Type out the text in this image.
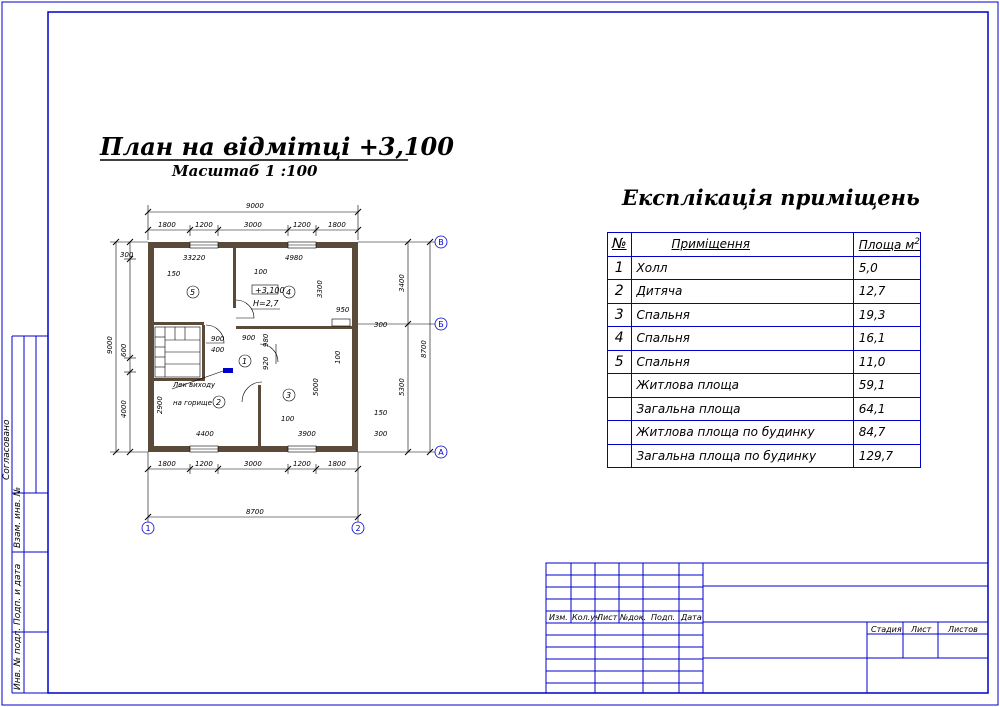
Согласовано
Взам. инв. №
Подп. и дата
Инв. № подл.
Изм. Кол.уч
Лист №док. Подп. Дата
Стадия Лист Листов
9000
1800	1200	3000	1200 1800
1800	1200	3000	1200 1800
8700
9000
300
600
4000
3400
5300
8700
33220	4980
3300
950
150	100
900	900
400
980
920
5000
100
100
2900
4400	3900
150
300
300
1
2
3
4
5	+3,100
H=2,7
Лек виходу
на горище
В
Б
А
1	2
План на відмітці +3,100
Масштаб 1 :100
Експлікація приміщень
№	Приміщення	Площа $м^2$
1	Холл	5,0
2	Дитяча	12,7
3	Спальня	19,3
4	Спальня	16,1
5	Спальня	11,0
	Житлова площа	59,1
	Загальна площа	64,1
	Житлова площа по будинку	84,7
	Загальна площа по будинку	129,7
